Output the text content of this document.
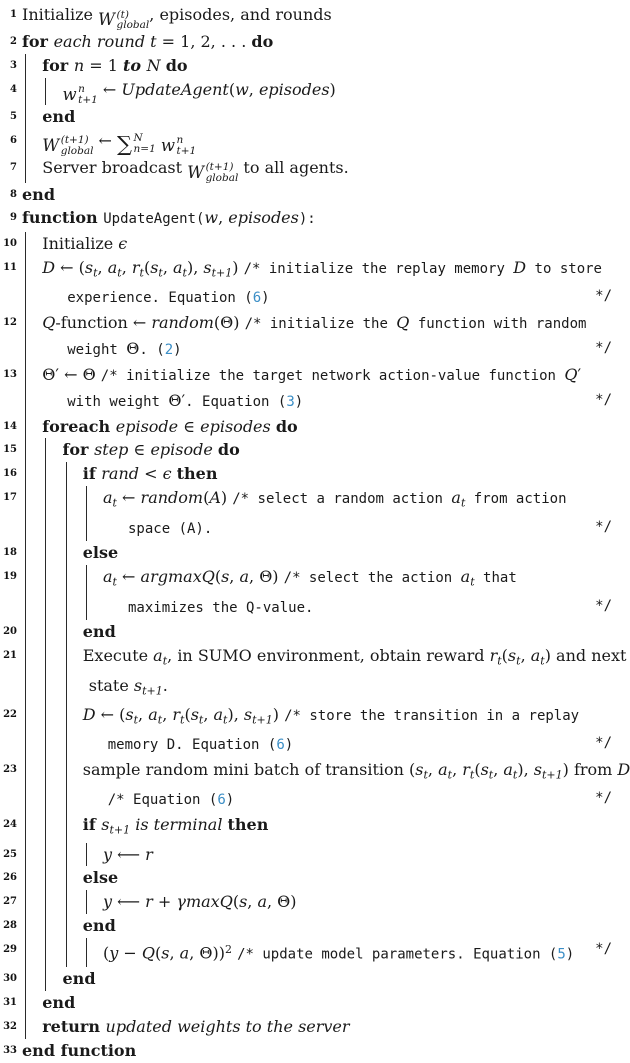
1 Initialize W (t)
global
, episodes, and rounds
2 for each round t = 1, 2, . . . do
3	for n = 1 to N do
4	w n
t+1
← UpdateAgent(w, episodes)
5	end
6 W (t+1)
global
← ∑ N
n=1
w n
t+1
7	Server broadcast W (t+1)
global
to all agents.
8 end
9 function UpdateAgent(w, episodes):
10	Initialize ϵ
11	D ← ($s_t$, $a_t$, $r_t(s_t$, $a_t$), $s_{t+1}$) /* initialize the replay memory D to store
experience. Equation (6)	*/
12	Q-function ← random(Θ) /* initialize the Q function with random
weight Θ. (2)	*/
13	Θ′ ← Θ /* initialize the target network action-value function Q′
with weight Θ′. Equation (3)	*/
14	foreach episode ∈ episodes do
15	for step ∈ episode do
16	if rand < ϵ then
17	$a_t$ ← random(A) /* select a random action $a_t$ from action
space (A).	*/
18	else
19	$a_t$ ← argmaxQ(s, a, Θ) /* select the action $a_t$ that
maximizes the Q-value.	*/
20	end
21	Execute $a_t$, in SUMO environment, obtain reward $r_t(s_t$, $a_t$) and next
state $s_{t+1}$.
22	D ← ($s_t$, $a_t$, $r_t(s_t$, $a_t$), $s_{t+1}$) /* store the transition in a replay
memory D. Equation (6)	*/
23	sample random mini batch of transition ($s_t$, $a_t$, $r_t(s_t$, $a_t$), $s_{t+1}$) from D
/* Equation (6)	*/
24	if $s_{t+1}$ is terminal then
25	y ⟵ r
26	else
27	y ⟵ r + γmaxQ(s, a, Θ)
28	end
29	(y − Q(s, a, Θ))$^2$ /* update model parameters. Equation (5) */
30	end
31	end
32	return updated weights to the server
33 end function
